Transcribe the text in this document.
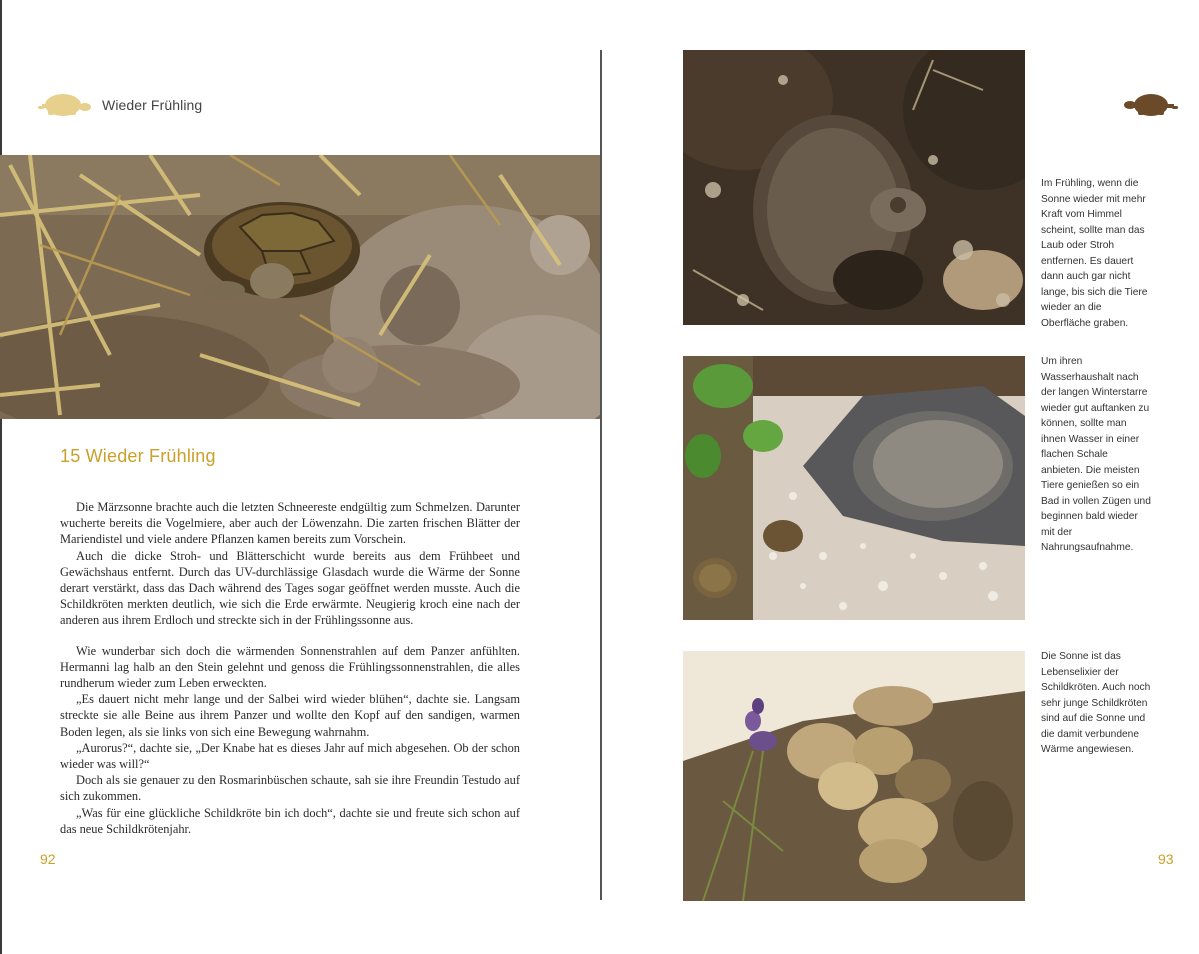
Wieder Frühling
15 Wieder Frühling

Die Märzsonne brachte auch die letzten Schneereste endgültig zum Schmelzen. Darunter wucherte bereits die Vogelmiere, aber auch der Löwenzahn. Die zarten frischen Blätter der Mariendistel und viele andere Pflanzen kamen bereits zum Vorschein.

Auch die dicke Stroh- und Blätterschicht wurde bereits aus dem Frühbeet und Gewächshaus entfernt. Durch das UV-durchlässige Glasdach wurde die Wärme der Sonne derart verstärkt, dass das Dach während des Tages sogar geöffnet werden musste. Auch die Schildkröten merkten deutlich, wie sich die Erde erwärmte. Neugierig kroch eine nach der anderen aus ihrem Erdloch und streckte sich in der Frühlingssonne aus.

Wie wunderbar sich doch die wärmenden Sonnenstrahlen auf dem Panzer anfühlten. Hermanni lag halb an den Stein gelehnt und genoss die Frühlingssonnenstrahlen, die alles rundherum wieder zum Leben erweckten.

„Es dauert nicht mehr lange und der Salbei wird wieder blühen“, dachte sie. Langsam streckte sie alle Beine aus ihrem Panzer und wollte den Kopf auf den sandigen, warmen Boden legen, als sie links von sich eine Bewegung wahrnahm.

„Aurorus?“, dachte sie, „Der Knabe hat es dieses Jahr auf mich abgesehen. Ob der schon wieder was will?“

Doch als sie genauer zu den Rosmarinbüschen schaute, sah sie ihre Freundin Testudo auf sich zukommen.

„Was für eine glückliche Schildkröte bin ich doch“, dachte sie und freute sich schon auf das neue Schildkrötenjahr.

Im Frühling, wenn die Sonne wieder mit mehr Kraft vom Himmel scheint, sollte man das Laub oder Stroh entfernen. Es dauert dann auch gar nicht lange, bis sich die Tiere wieder an die Oberfläche graben.

Um ihren Wasserhaushalt nach der langen Winterstarre wieder gut auftanken zu können, sollte man ihnen Wasser in einer flachen Schale anbieten. Die meisten Tiere genießen so ein Bad in vollen Zügen und beginnen bald wieder mit der Nahrungsaufnahme.

Die Sonne ist das Lebenselixier der Schildkröten. Auch noch sehr junge Schildkröten sind auf die Sonne und die damit verbundene Wärme angewiesen.

92	93
